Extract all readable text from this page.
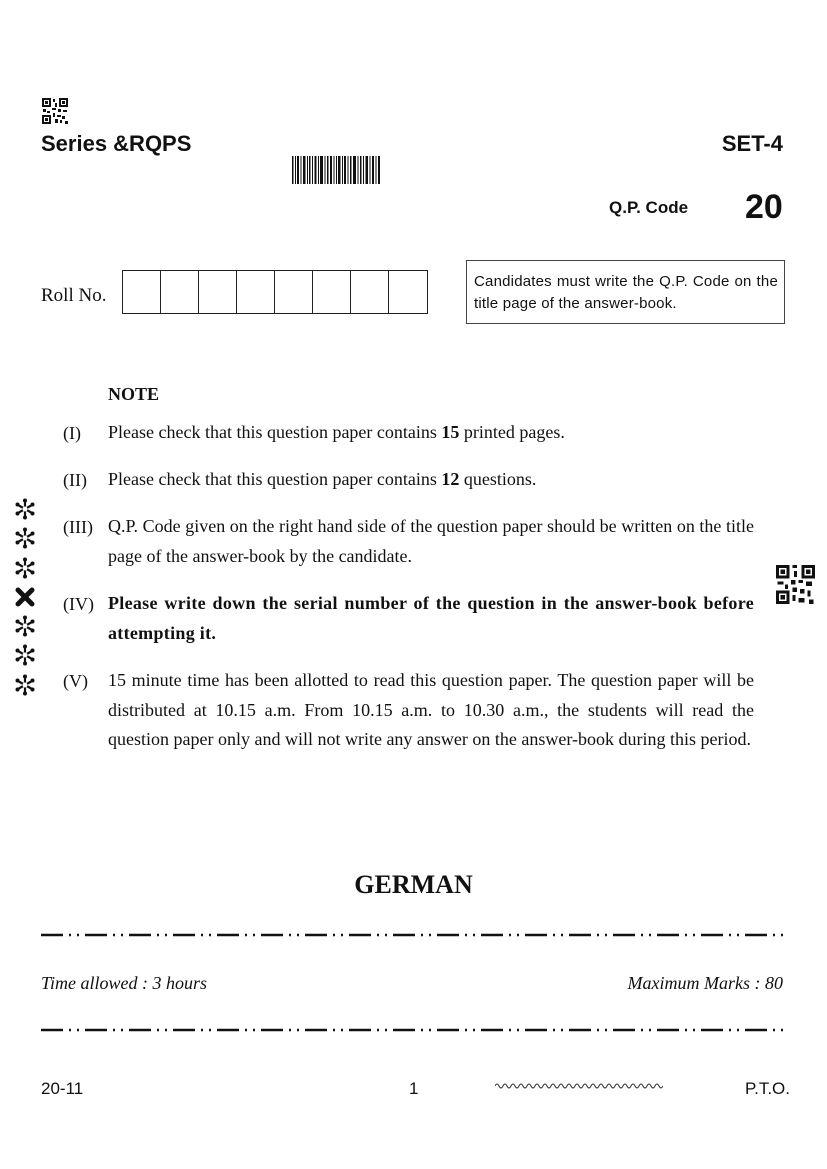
Series &RQPS	SET-4
Q.P. Code 20
Roll No.
Candidates must write the Q.P. Code on the title page of the answer-book.
NOTE
(I) Please check that this question paper contains 15 printed pages.
(II) Please check that this question paper contains 12 questions.
(III) Q.P. Code given on the right hand side of the question paper should be written on the title page of the answer-book by the candidate.
(IV) Please write down the serial number of the question in the answer-book before attempting it.
(V) 15 minute time has been allotted to read this question paper. The question paper will be distributed at 10.15 a.m. From 10.15 a.m. to 10.30 a.m., the students will read the question paper only and will not write any answer on the answer-book during this period.
GERMAN
Time allowed : 3 hours	Maximum Marks : 80
20-11	1	P.T.O.
